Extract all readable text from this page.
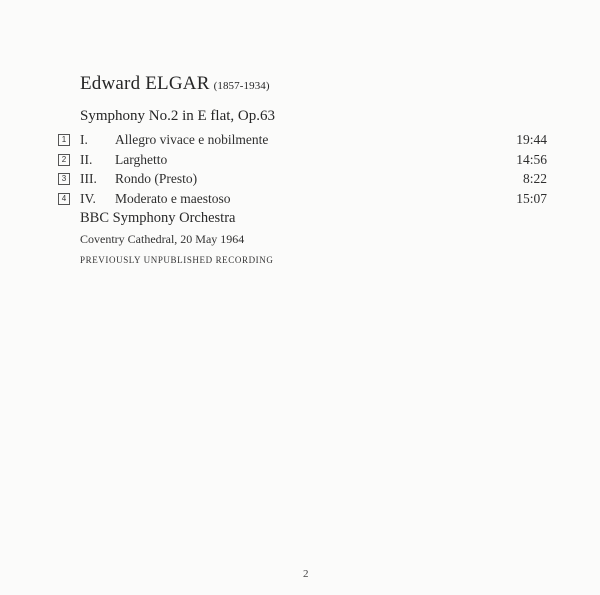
Edward ELGAR (1857-1934)
Symphony No.2 in E flat, Op.63
1 I. Allegro vivace e nobilmente	19:44
2 II. Larghetto	14:56
3 III. Rondo (Presto)	8:22
4 IV. Moderato e maestoso	15:07
BBC Symphony Orchestra
Coventry Cathedral, 20 May 1964
PREVIOUSLY UNPUBLISHED RECORDING
2
